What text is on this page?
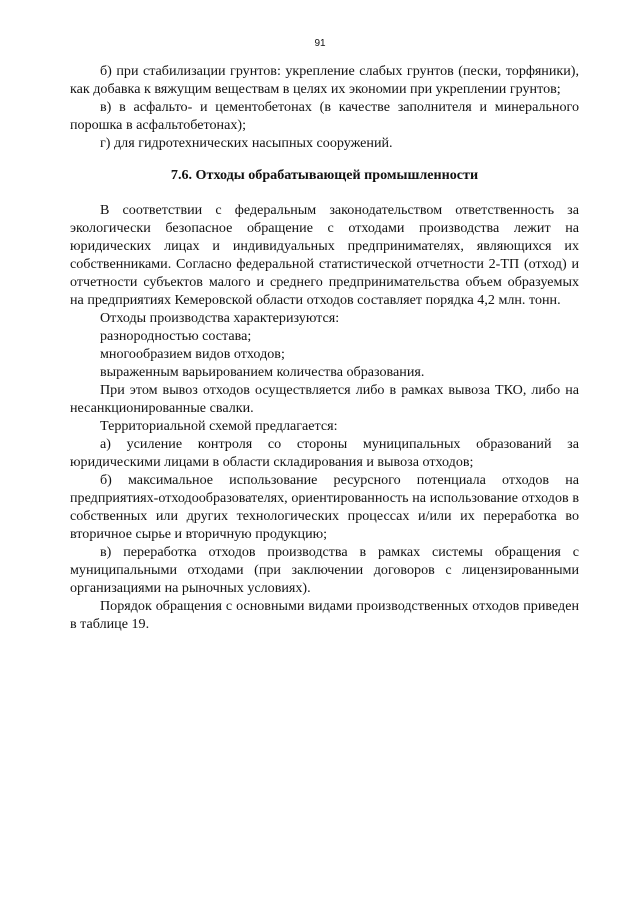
91

б) при стабилизации грунтов: укрепление слабых грунтов (пески, торфяники), как добавка к вяжущим веществам в целях их экономии при укреплении грунтов;

в) в асфальто- и цементобетонах (в качестве заполнителя и минерального порошка в асфальтобетонах);

г) для гидротехнических насыпных сооружений.

7.6. Отходы обрабатывающей промышленности

В соответствии с федеральным законодательством ответственность за экологически безопасное обращение с отходами производства лежит на юридических лицах и индивидуальных предпринимателях, являющихся их собственниками. Согласно федеральной статистической отчетности 2-ТП (отход) и отчетности субъектов малого и среднего предпринимательства объем образуемых на предприятиях Кемеровской области отходов составляет порядка 4,2 млн. тонн.

Отходы производства характеризуются:

разнородностью состава;

многообразием видов отходов;

выраженным варьированием количества образования.

При этом вывоз отходов осуществляется либо в рамках вывоза ТКО, либо на несанкционированные свалки.

Территориальной схемой предлагается:

а) усиление контроля со стороны муниципальных образований за юридическими лицами в области складирования и вывоза отходов;

б) максимальное использование ресурсного потенциала отходов на предприятиях-отходообразователях, ориентированность на использование отходов в собственных или других технологических процессах и/или их переработка во вторичное сырье и вторичную продукцию;

в) переработка отходов производства в рамках системы обращения с муниципальными отходами (при заключении договоров с лицензированными организациями на рыночных условиях).

Порядок обращения с основными видами производственных отходов приведен в таблице 19.
